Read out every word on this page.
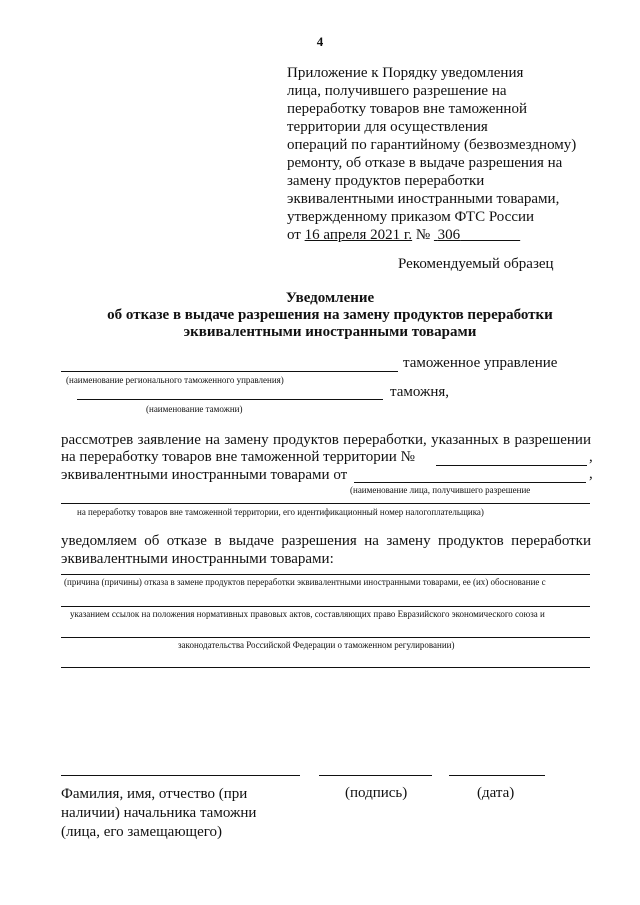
4
Приложение к Порядку уведомления
лица, получившего разрешение на
переработку товаров вне таможенной
территории для осуществления
операций по гарантийному (безвозмездному)
ремонту, об отказе в выдаче разрешения на
замену продуктов переработки
эквивалентными иностранными товарами,
утвержденному приказом ФТС России
от 16 апреля 2021 г. № 306
Рекомендуемый образец
Уведомление
об отказе в выдаче разрешения на замену продуктов переработки
эквивалентными иностранными товарами
таможенное управление
(наименование регионального таможенного управления)
таможня,
(наименование таможни)
рассмотрев заявление на замену продуктов переработки, указанных в разрешении
на переработку товаров вне таможенной территории №	,
эквивалентными иностранными товарами от	,
(наименование лица, получившего разрешение
на переработку товаров вне таможенной территории, его идентификационный номер налогоплательщика)
уведомляем об отказе в выдаче разрешения на замену продуктов переработки
эквивалентными иностранными товарами:
(причина (причины) отказа в замене продуктов переработки эквивалентными иностранными товарами, ее (их) обоснование с
указанием ссылок на положения нормативных правовых актов, составляющих право Евразийского экономического союза и
законодательства Российской Федерации о таможенном регулировании)
Фамилия, имя, отчество (при
наличии) начальника таможни
(лица, его замещающего)
(подпись)	(дата)
